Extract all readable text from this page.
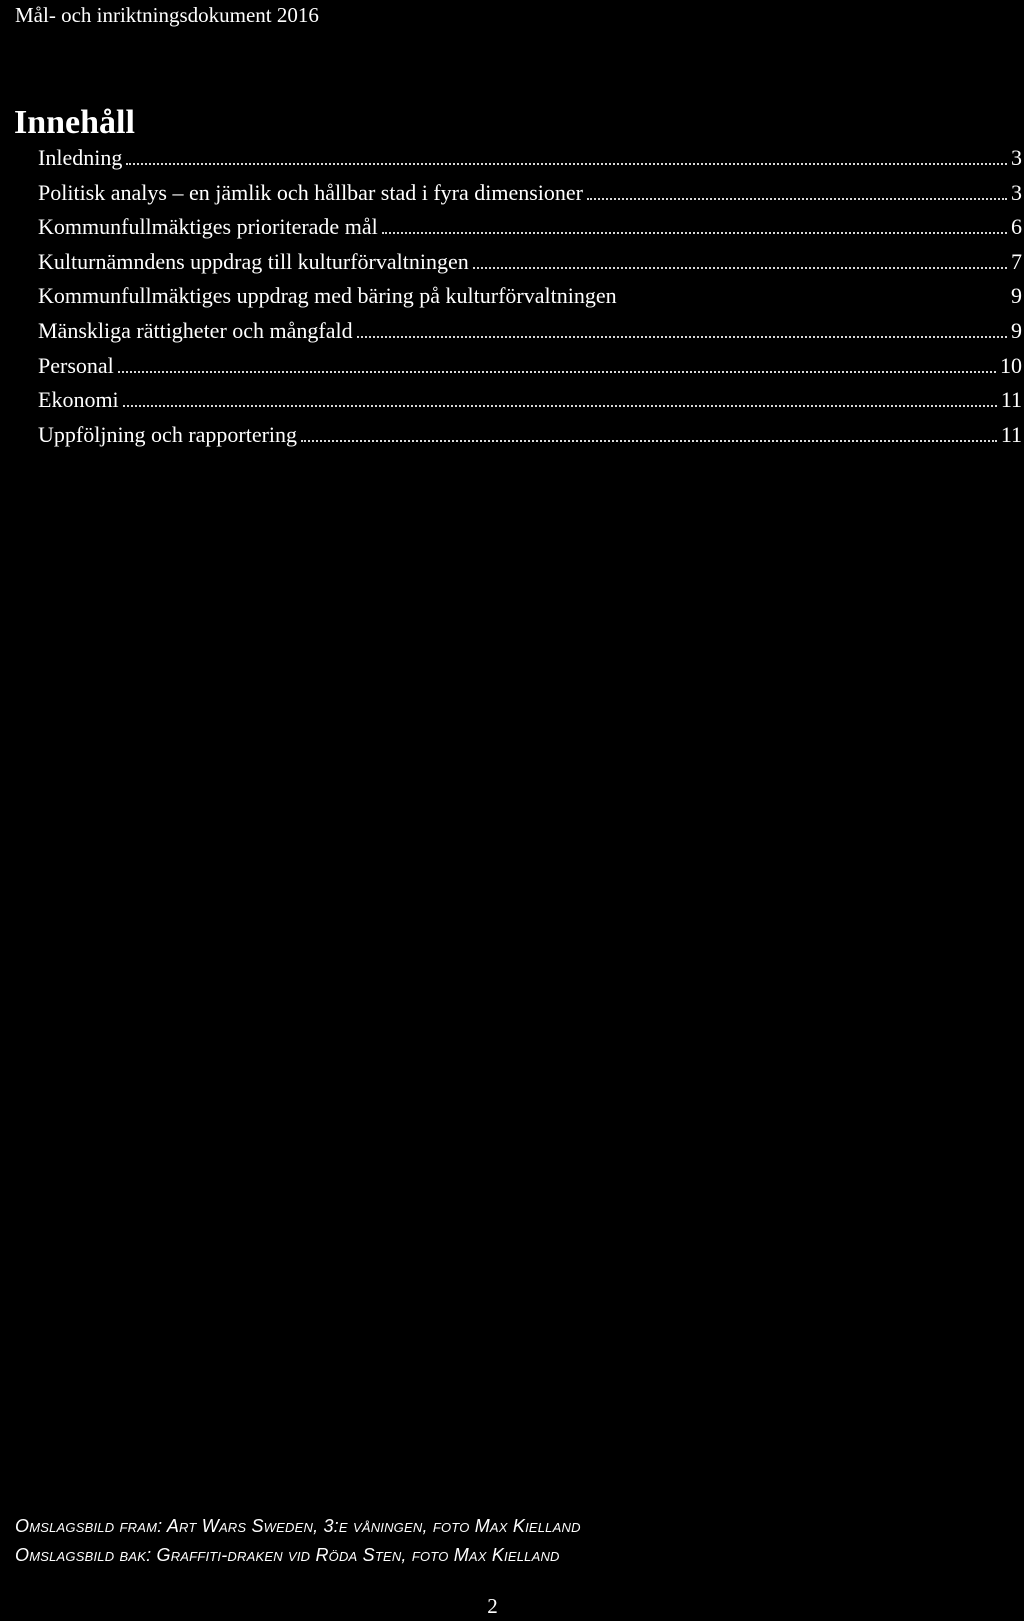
Mål- och inriktningsdokument 2016
Innehåll
Inledning	3
Politisk analys – en jämlik och hållbar stad i fyra dimensioner	3
Kommunfullmäktiges prioriterade mål	6
Kulturnämndens uppdrag till kulturförvaltningen	7
Kommunfullmäktiges uppdrag med bäring på kulturförvaltningen	9
Mänskliga rättigheter och mångfald	9
Personal	10
Ekonomi	11
Uppföljning och rapportering	11
Omslagsbild fram: Art Wars Sweden, 3:e våningen, foto Max Kielland
Omslagsbild bak: Graffiti-draken vid Röda Sten, foto Max Kielland
2
